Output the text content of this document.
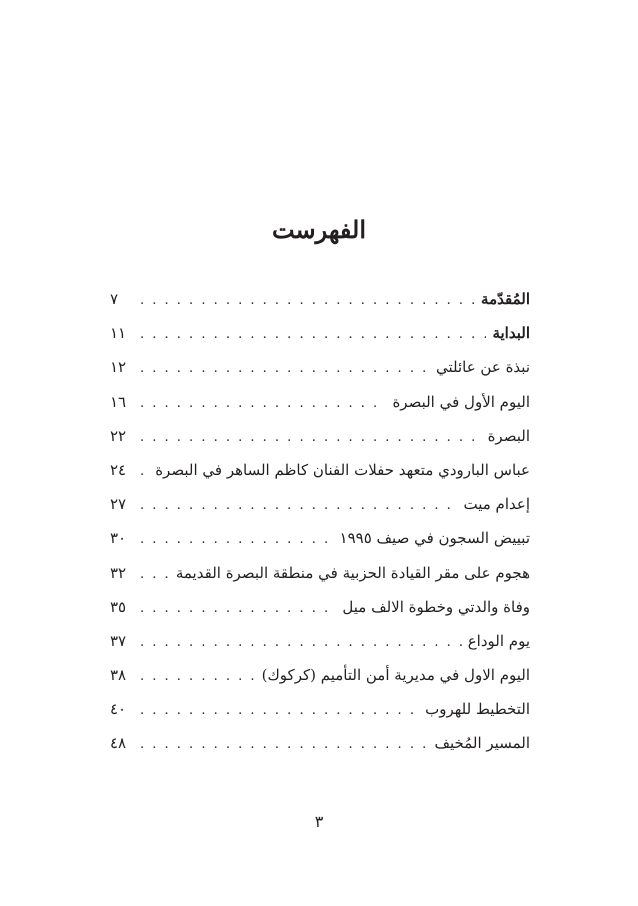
الفهرست
المُقدّمة
. . .
٧
البداية
. . .
١١
نبذة عن عائلتي
. . .
١٢
اليوم الأول في البصرة
. . .
١٦
البصرة
. . .
٢٢
عباس البارودي متعهد حفلات الفنان كاظم الساهر في البصرة
. . .
٢٤
إعدام ميت
. . .
٢٧
تبييض السجون في صيف ١٩٩٥
. . .
٣٠
هجوم على مقر القيادة الحزبية في منطقة البصرة القديمة
. . .
٣٢
وفاة والدتي وخطوة الالف ميل
. . .
٣٥
يوم الوداع
. . .
٣٧
اليوم الاول في مديرية أمن التأميم (كركوك)
. . .
٣٨
التخطيط للهروب
. . .
٤٠
المسير المُخيف
. . .
٤٨
٣
